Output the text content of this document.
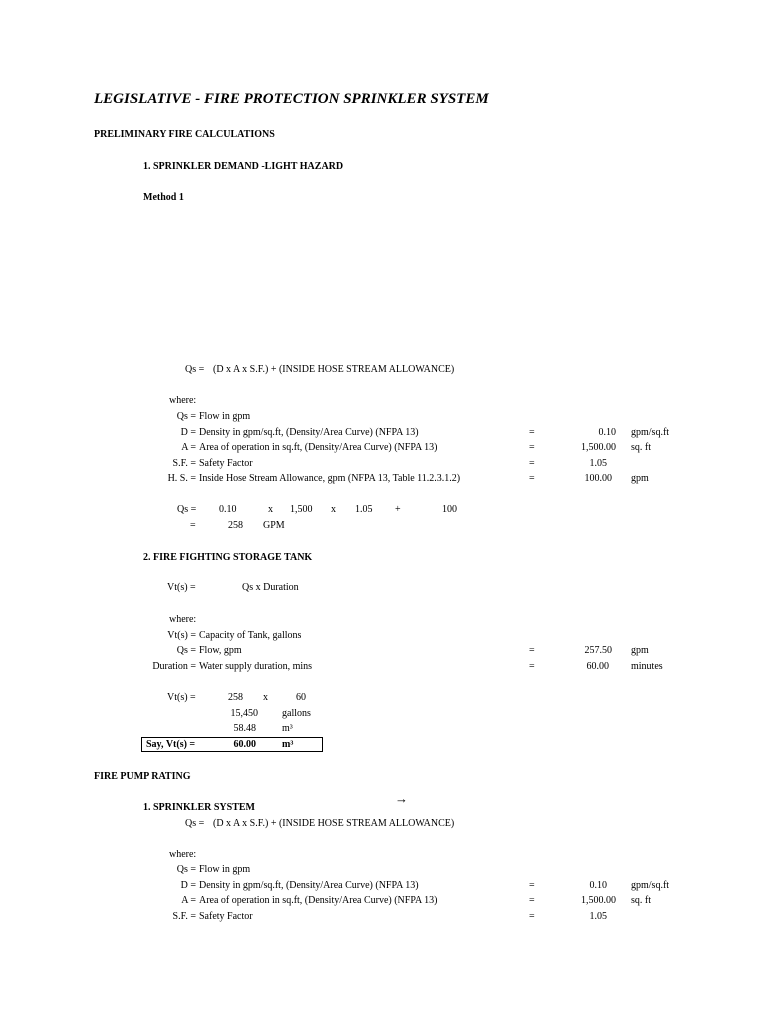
LEGISLATIVE - FIRE PROTECTION SPRINKLER SYSTEM
PRELIMINARY FIRE CALCULATIONS
1. SPRINKLER DEMAND -LIGHT HAZARD
Method 1
Qs = (D x A x S.F.) + (INSIDE HOSE STREAM ALLOWANCE)
where:
Qs = Flow in gpm
D = Density in gpm/sq.ft, (Density/Area Curve) (NFPA 13)	=	0.10 gpm/sq.ft
A = Area of operation in sq.ft, (Density/Area Curve) (NFPA 13)	=	1,500.00 sq. ft
S.F. = Safety Factor	=	1.05
H. S. = Inside Hose Stream Allowance, gpm (NFPA 13, Table 11.2.3.1.2)	=	100.00 gpm
Qs = 0.10	x 1,500 x 1.05 +	100
=	258 GPM
2. FIRE FIGHTING STORAGE TANK
Vt(s) =	Qs x Duration
where:
Vt(s) = Capacity of Tank, gallons
Qs = Flow, gpm	=	257.50 gpm
Duration = Water supply duration, mins	=	60.00 minutes
Vt(s) =	258 x	60
15,450 gallons
58.48	m³
Say, Vt(s) =	60.00	m³
FIRE PUMP RATING
→
1. SPRINKLER SYSTEM
Qs = (D x A x S.F.) + (INSIDE HOSE STREAM ALLOWANCE)
where:
Qs = Flow in gpm
D = Density in gpm/sq.ft, (Density/Area Curve) (NFPA 13)	=	0.10 gpm/sq.ft
A = Area of operation in sq.ft, (Density/Area Curve) (NFPA 13)	=	1,500.00 sq. ft
S.F. = Safety Factor	=	1.05
